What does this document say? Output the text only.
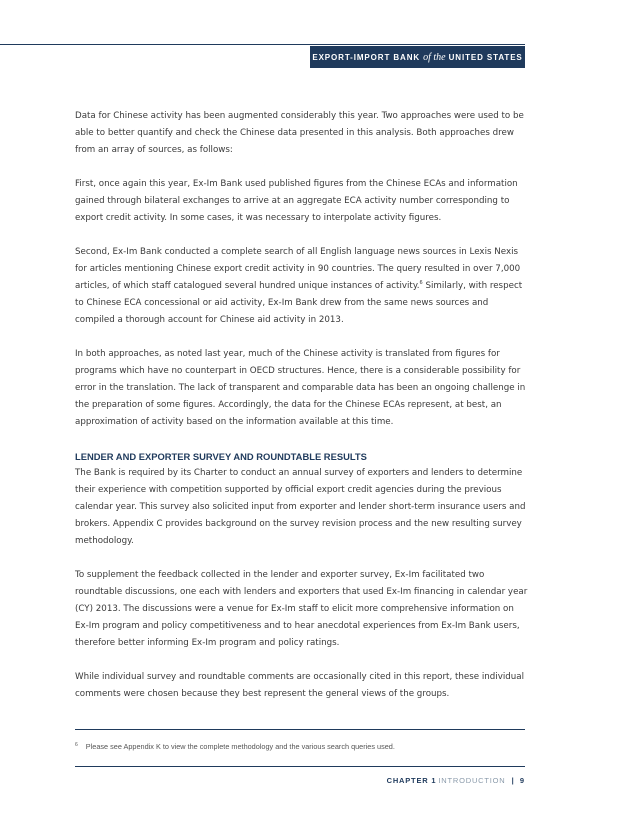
EXPORT-IMPORT BANK of the UNITED STATES

Data for Chinese activity has been augmented considerably this year. Two approaches were used to be able to better quantify and check the Chinese data presented in this analysis. Both approaches drew from an array of sources, as follows:

First, once again this year, Ex-Im Bank used published figures from the Chinese ECAs and information gained through bilateral exchanges to arrive at an aggregate ECA activity number corresponding to export credit activity. In some cases, it was necessary to interpolate activity figures.

Second, Ex-Im Bank conducted a complete search of all English language news sources in Lexis Nexis for articles mentioning Chinese export credit activity in 90 countries. The query resulted in over 7,000 articles, of which staff catalogued several hundred unique instances of activity.$^6$ Similarly, with respect to Chinese ECA concessional or aid activity, Ex-Im Bank drew from the same news sources and compiled a thorough account for Chinese aid activity in 2013.

In both approaches, as noted last year, much of the Chinese activity is translated from figures for programs which have no counterpart in OECD structures. Hence, there is a considerable possibility for error in the translation. The lack of transparent and comparable data has been an ongoing challenge in the preparation of some figures. Accordingly, the data for the Chinese ECAs represent, at best, an approximation of activity based on the information available at this time.

LENDER AND EXPORTER SURVEY AND ROUNDTABLE RESULTS

The Bank is required by its Charter to conduct an annual survey of exporters and lenders to determine their experience with competition supported by official export credit agencies during the previous calendar year. This survey also solicited input from exporter and lender short-term insurance users and brokers. Appendix C provides background on the survey revision process and the new resulting survey methodology.

To supplement the feedback collected in the lender and exporter survey, Ex-Im facilitated two roundtable discussions, one each with lenders and exporters that used Ex-Im financing in calendar year (CY) 2013. The discussions were a venue for Ex-Im staff to elicit more comprehensive information on Ex-Im program and policy competitiveness and to hear anecdotal experiences from Ex-Im Bank users, therefore better informing Ex-Im program and policy ratings.

While individual survey and roundtable comments are occasionally cited in this report, these individual comments were chosen because they best represent the general views of the groups.

$^6$ Please see Appendix K to view the complete methodology and the various search queries used.
CHAPTER 1 INTRODUCTION | 9
